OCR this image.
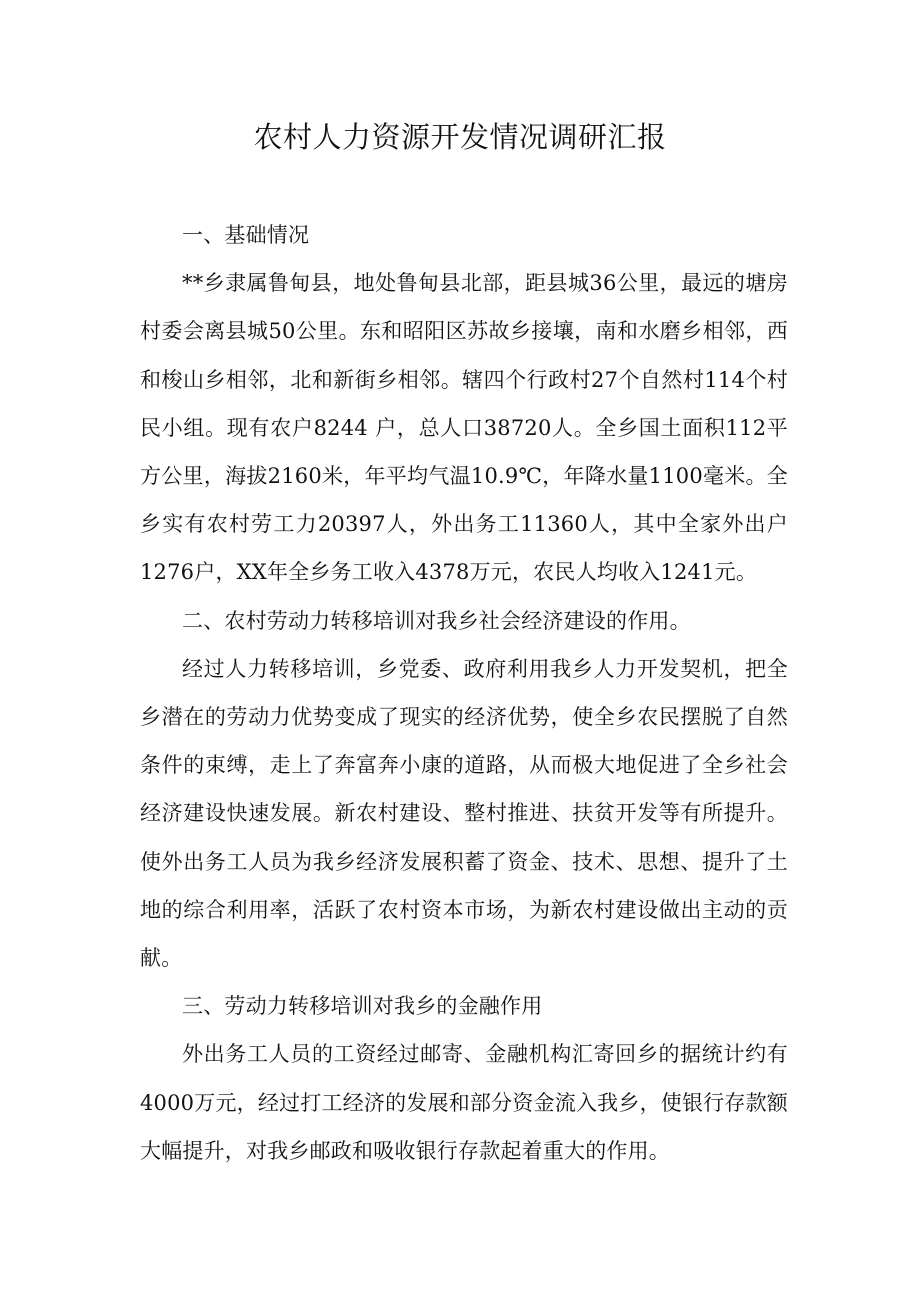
农村人力资源开发情况调研汇报

一、基础情况

**乡隶属鲁甸县，地处鲁甸县北部，距县城36公里，最远的塘房村委会离县城50公里。东和昭阳区苏故乡接壤，南和水磨乡相邻，西和梭山乡相邻，北和新街乡相邻。辖四个行政村27个自然村114个村民小组。现有农户8244 户，总人口38720人。全乡国土面积112平方公里，海拔2160米，年平均气温10.9℃，年降水量1100毫米。全乡实有农村劳工力20397人，外出务工11360人，其中全家外出户1276户，XX年全乡务工收入4378万元，农民人均收入1241元。

二、农村劳动力转移培训对我乡社会经济建设的作用。

经过人力转移培训，乡党委、政府利用我乡人力开发契机，把全乡潜在的劳动力优势变成了现实的经济优势，使全乡农民摆脱了自然条件的束缚，走上了奔富奔小康的道路，从而极大地促进了全乡社会经济建设快速发展。新农村建设、整村推进、扶贫开发等有所提升。使外出务工人员为我乡经济发展积蓄了资金、技术、思想、提升了土地的综合利用率，活跃了农村资本市场，为新农村建设做出主动的贡献。

三、劳动力转移培训对我乡的金融作用

外出务工人员的工资经过邮寄、金融机构汇寄回乡的据统计约有4000万元，经过打工经济的发展和部分资金流入我乡，使银行存款额大幅提升，对我乡邮政和吸收银行存款起着重大的作用。
